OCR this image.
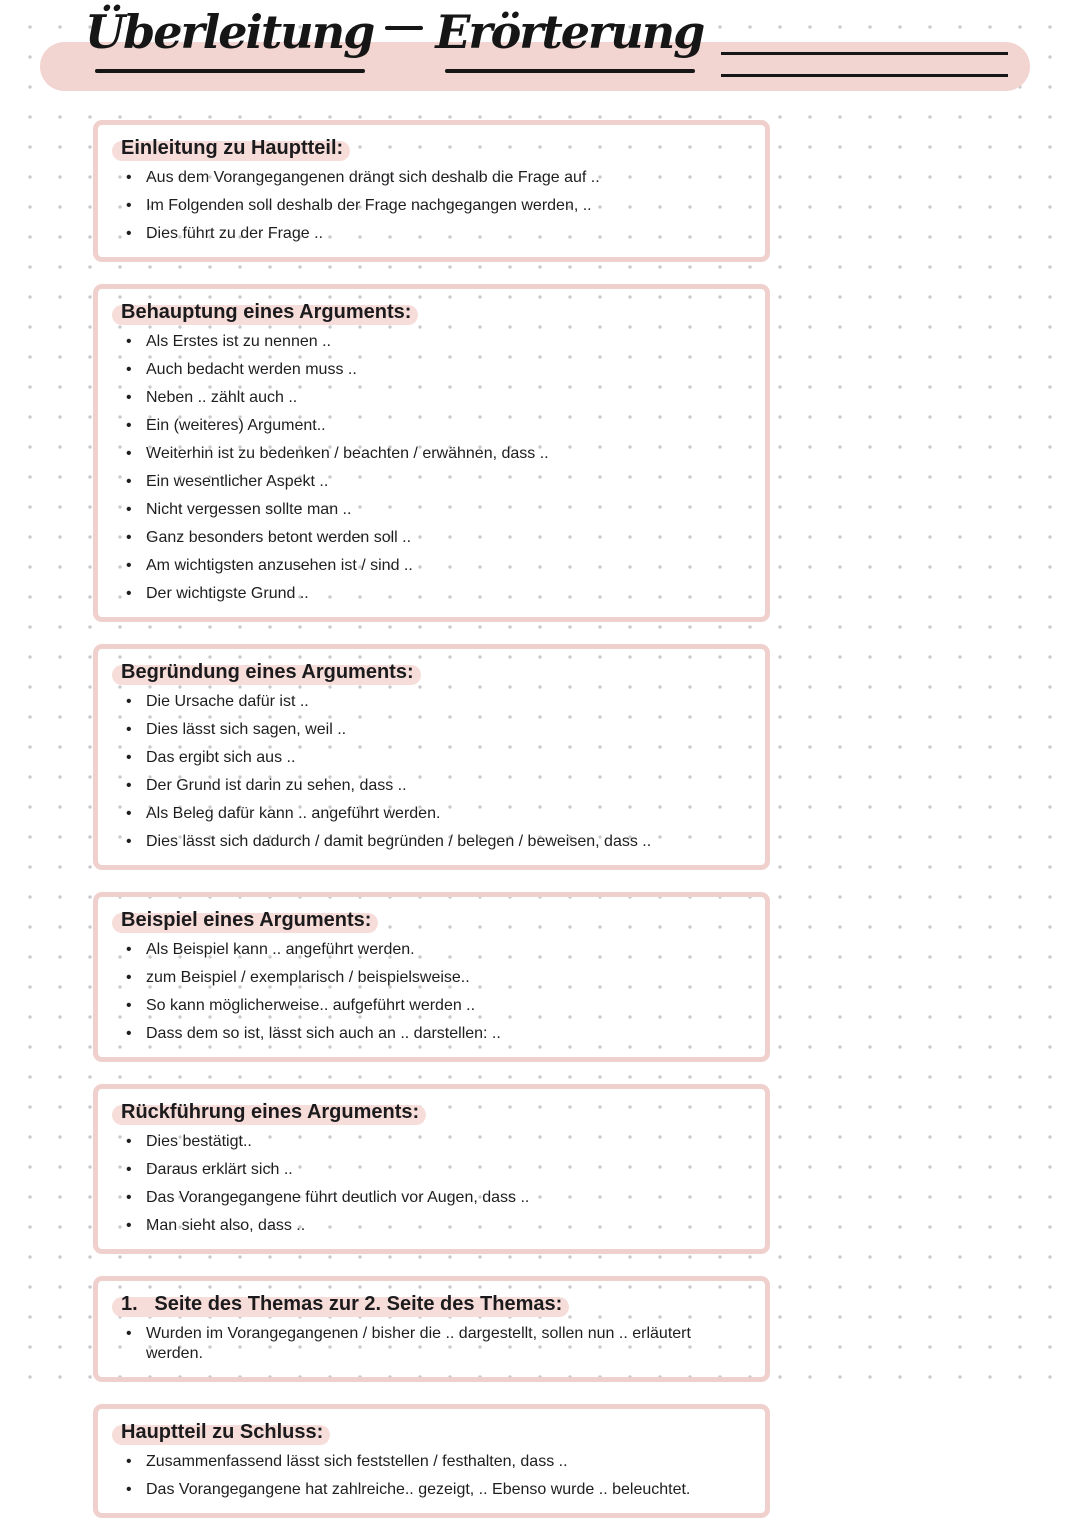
Überleitung Erörterung
Einleitung zu Hauptteil:
•
Aus dem Vorangegangenen drängt sich deshalb die Frage auf ..
•
Im Folgenden soll deshalb der Frage nachgegangen werden, ..
•
Dies führt zu der Frage ..
Behauptung eines Arguments:
•
Als Erstes ist zu nennen ..
•
Auch bedacht werden muss ..
•
Neben .. zählt auch ..
•
Ein (weiteres) Argument..
•
Weiterhin ist zu bedenken / beachten / erwähnen, dass ..
•
Ein wesentlicher Aspekt ..
•
Nicht vergessen sollte man ..
•
Ganz besonders betont werden soll ..
•
Am wichtigsten anzusehen ist / sind ..
•
Der wichtigste Grund ..
Begründung eines Arguments:
•
Die Ursache dafür ist ..
•
Dies lässt sich sagen, weil ..
•
Das ergibt sich aus ..
•
Der Grund ist darin zu sehen, dass ..
•
Als Beleg dafür kann .. angeführt werden.
•
Dies lässt sich dadurch / damit begründen / belegen / beweisen, dass ..
Beispiel eines Arguments:
•
Als Beispiel kann .. angeführt werden.
•
zum Beispiel / exemplarisch / beispielsweise..
•
So kann möglicherweise.. aufgeführt werden ..
•
Dass dem so ist, lässt sich auch an .. darstellen: ..
Rückführung eines Arguments:
•
Dies bestätigt..
•
Daraus erklärt sich ..
•
Das Vorangegangene führt deutlich vor Augen, dass ..
•
Man sieht also, dass ..
1.   Seite des Themas zur 2. Seite des Themas:
•
Wurden im Vorangegangenen / bisher die .. dargestellt, sollen nun .. erläutert werden.
Hauptteil zu Schluss:
•
Zusammenfassend lässt sich feststellen / festhalten, dass ..
•
Das Vorangegangene hat zahlreiche.. gezeigt, .. Ebenso wurde .. beleuchtet.
